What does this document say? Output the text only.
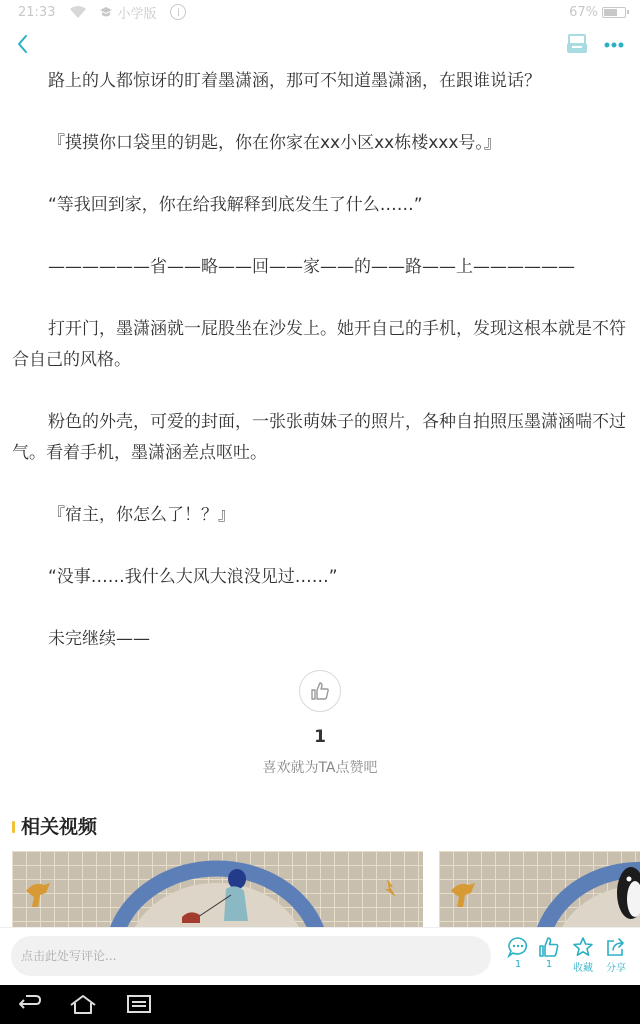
21:33	小学版	i	67%

路上的人都惊讶的盯着墨潇涵，那可不知道墨潇涵，在跟谁说话？

『摸摸你口袋里的钥匙，你在你家在xx小区xx栋楼xxx号。』

“等我回到家，你在给我解释到底发生了什么……”

——————省——略——回——家——的——路——上——————

打开门，墨潇涵就一屁股坐在沙发上。她开自己的手机，发现这根本就是不符合自己的风格。

粉色的外壳，可爱的封面，一张张萌妹子的照片，各种自拍照压墨潇涵喘不过气。看着手机，墨潇涵差点呕吐。

『宿主，你怎么了！？』

“没事……我什么大风大浪没见过……”

未完继续——

1
喜欢就为TA点赞吧
相关视频
点击此处写评论...
1	1	收藏	分享
